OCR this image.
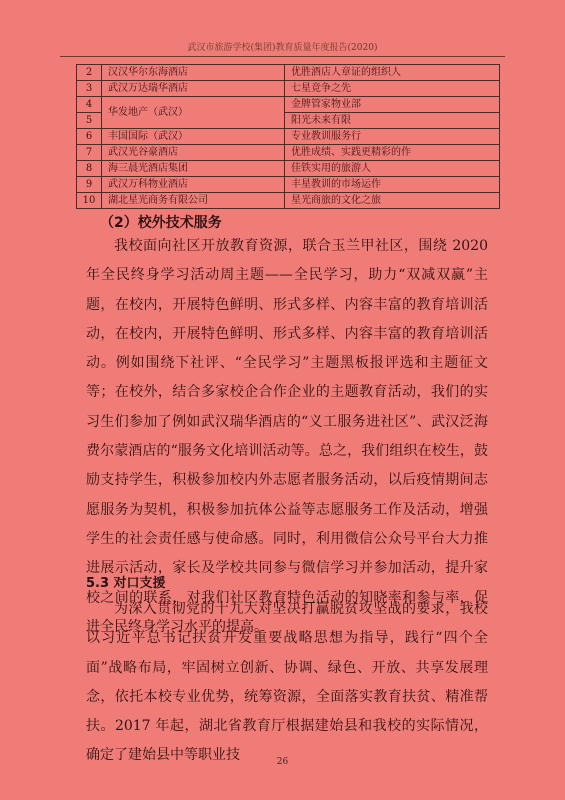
武汉市旅游学校(集团)教育质量年度报告(2020)
2	汉汉华尔东海酒店	优胜酒店人章证的组织人
3	武汉万达瑞华酒店	七星竞争之先
4	华发地产（武汉）	金牌管家物业部
5		阳光未来有限
6	丰国国际（武汉）	专业教训服务行
7	武汉光谷豪酒店	优胜成绩、实践更精彩的作
8	海三晨光酒店集团	佳铁实用的旅游人
9	武汉万科物业酒店	丰星教训的市场运作
10	湖北星光商务有限公司	星光商旅的文化之旅
（2）校外技术服务

我校面向社区开放教育资源，联合玉兰甲社区，围绕 2020 年全民终身学习活动周主题——全民学习，助力“双减双赢”主题，在校内，开展特色鲜明、形式多样、内容丰富的教育培训活动，在校内，开展特色鲜明、形式多样、内容丰富的教育培训活动。例如围绕下社评、“全民学习”主题黑板报评选和主题征文等；在校外，结合多家校企合作企业的主题教育活动，我们的实习生们参加了例如武汉瑞华酒店的“义工服务进社区”、武汉泛海费尔蒙酒店的“服务文化培训活动等。总之，我们组织在校生，鼓励支持学生，积极参加校内外志愿者服务活动，以后疫情期间志愿服务为契机，积极参加抗体公益等志愿服务工作及活动，增强学生的社会责任感与使命感。同时，利用微信公众号平台大力推进展示活动，家长及学校共同参与微信学习并参加活动，提升家校之间的联系，对我们社区教育特色活动的知晓率和参与率，促进全民终身学习水平的提高。

5.3 对口支援

为深入贯彻党的十九大对坚决打赢脱贫攻坚战的要求，我校以习近平总书记扶贫开发重要战略思想为指导，践行“四个全面”战略布局，牢固树立创新、协调、绿色、开放、共享发展理念，依托本校专业优势，统筹资源，全面落实教育扶贫、精准帮扶。2017 年起，湖北省教育厅根据建始县和我校的实际情况，确定了建始县中等职业技	26
